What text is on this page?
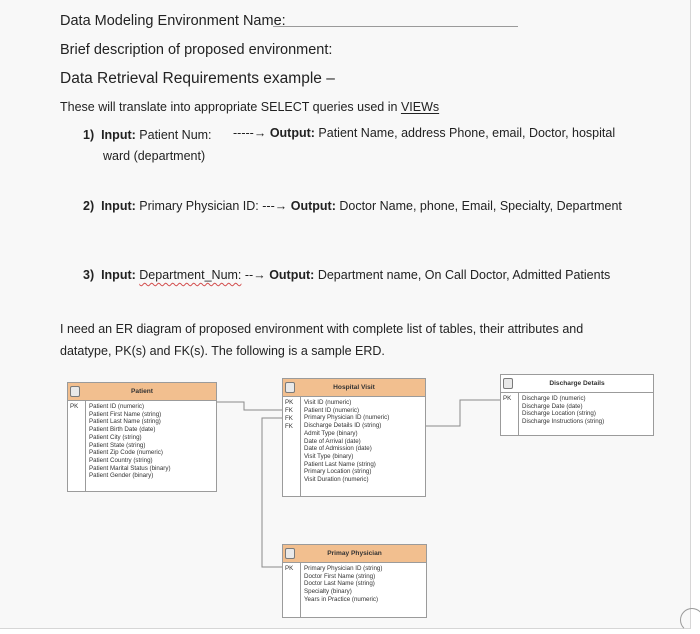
Data Modeling Environment Name:
Brief description of proposed environment:
Data Retrieval Requirements example –
These will translate into appropriate SELECT queries used in VIEWs
1) Input: Patient Num: -----→ Output: Patient Name, address Phone, email, Doctor, hospital
ward (department)
2) Input: Primary Physician ID: ---→ Output: Doctor Name, phone, Email, Specialty, Department
3) Input: Department_Num: --→ Output: Department name, On Call Doctor, Admitted Patients
I need an ER diagram of proposed environment with complete list of tables, their attributes and
datatype, PK(s) and FK(s). The following is a sample ERD.
Patient
PK Patient ID (numeric)
Patient First Name (string)
Patient Last Name (string)
Patient Birth Date (date)
Patient City (string)
Patient State (string)
Patient Zip Code (numeric)
Patient Country (string)
Patient Marital Status (binary)
Patient Gender (binary)
Hospital Visit
PK
FK
FK
FK
Visit ID (numeric)
Patient ID (numeric)
Primary Physician ID (numeric)
Discharge Details ID (string)
Admit Type (binary)
Date of Arrival (date)
Date of Admission (date)
Visit Type (binary)
Patient Last Name (string)
Primary Location (string)
Visit Duration (numeric)
Discharge Details
PK Discharge ID (numeric)
Discharge Date (date)
Discharge Location (string)
Discharge Instructions (string)
Primay Physician
PK Primary Physician ID (string)
Doctor First Name (string)
Doctor Last Name (string)
Specialty (binary)
Years in Practice (numeric)
